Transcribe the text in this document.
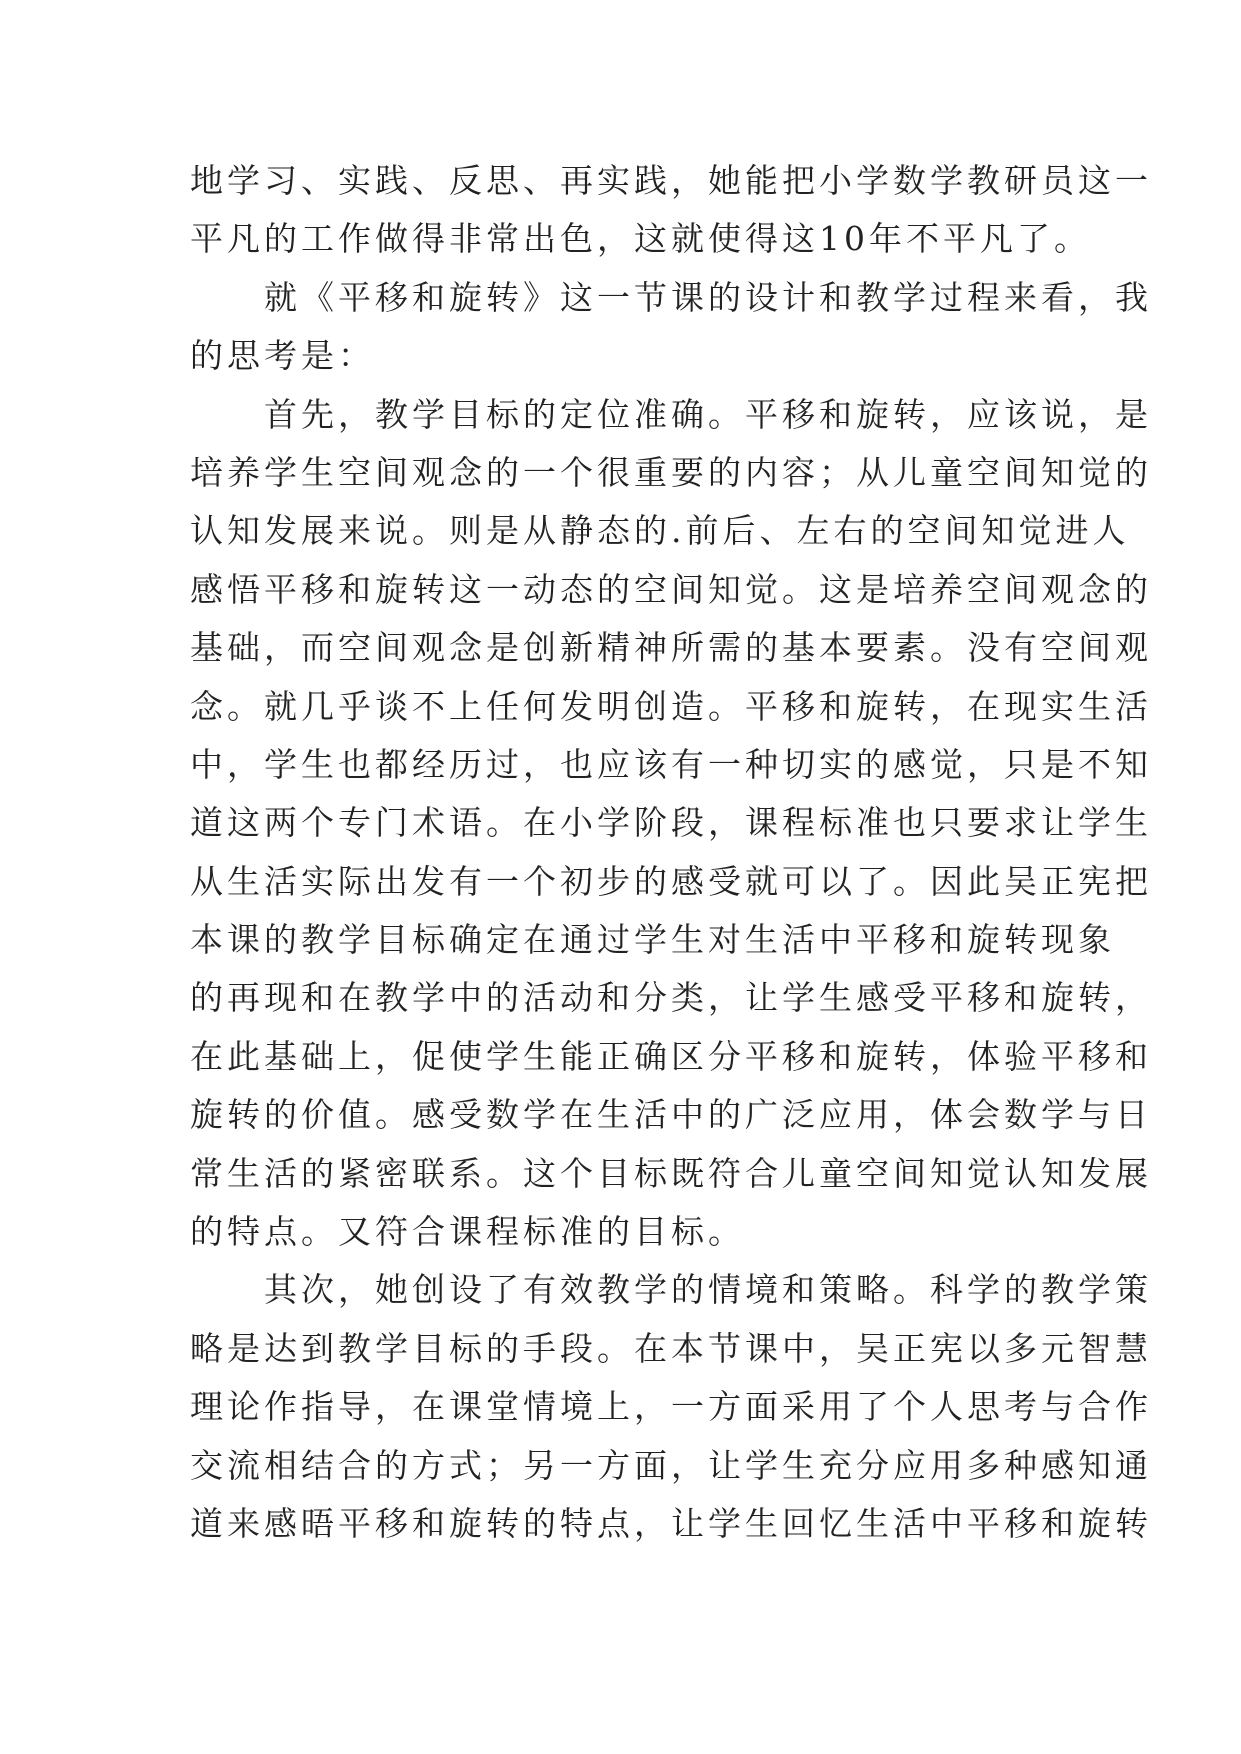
地学习、实践、反思、再实践，她能把小学数学教研员这一
平凡的工作做得非常出色，这就使得这10年不平凡了。
　　就《平移和旋转》这一节课的设计和教学过程来看，我
的思考是：
　　首先，教学目标的定位准确。平移和旋转，应该说，是
培养学生空间观念的一个很重要的内容；从儿童空间知觉的
认知发展来说。则是从静态的.前后、左右的空间知觉进人
感悟平移和旋转这一动态的空间知觉。这是培养空间观念的
基础，而空间观念是创新精神所需的基本要素。没有空间观
念。就几乎谈不上任何发明创造。平移和旋转，在现实生活
中，学生也都经历过，也应该有一种切实的感觉，只是不知
道这两个专门术语。在小学阶段，课程标准也只要求让学生
从生活实际出发有一个初步的感受就可以了。因此吴正宪把
本课的教学目标确定在通过学生对生活中平移和旋转现象
的再现和在教学中的活动和分类，让学生感受平移和旋转，
在此基础上，促使学生能正确区分平移和旋转，体验平移和
旋转的价值。感受数学在生活中的广泛应用，体会数学与日
常生活的紧密联系。这个目标既符合儿童空间知觉认知发展
的特点。又符合课程标准的目标。
　　其次，她创设了有效教学的情境和策略。科学的教学策
略是达到教学目标的手段。在本节课中，吴正宪以多元智慧
理论作指导，在课堂情境上，一方面采用了个人思考与合作
交流相结合的方式；另一方面，让学生充分应用多种感知通
道来感晤平移和旋转的特点，让学生回忆生活中平移和旋转
